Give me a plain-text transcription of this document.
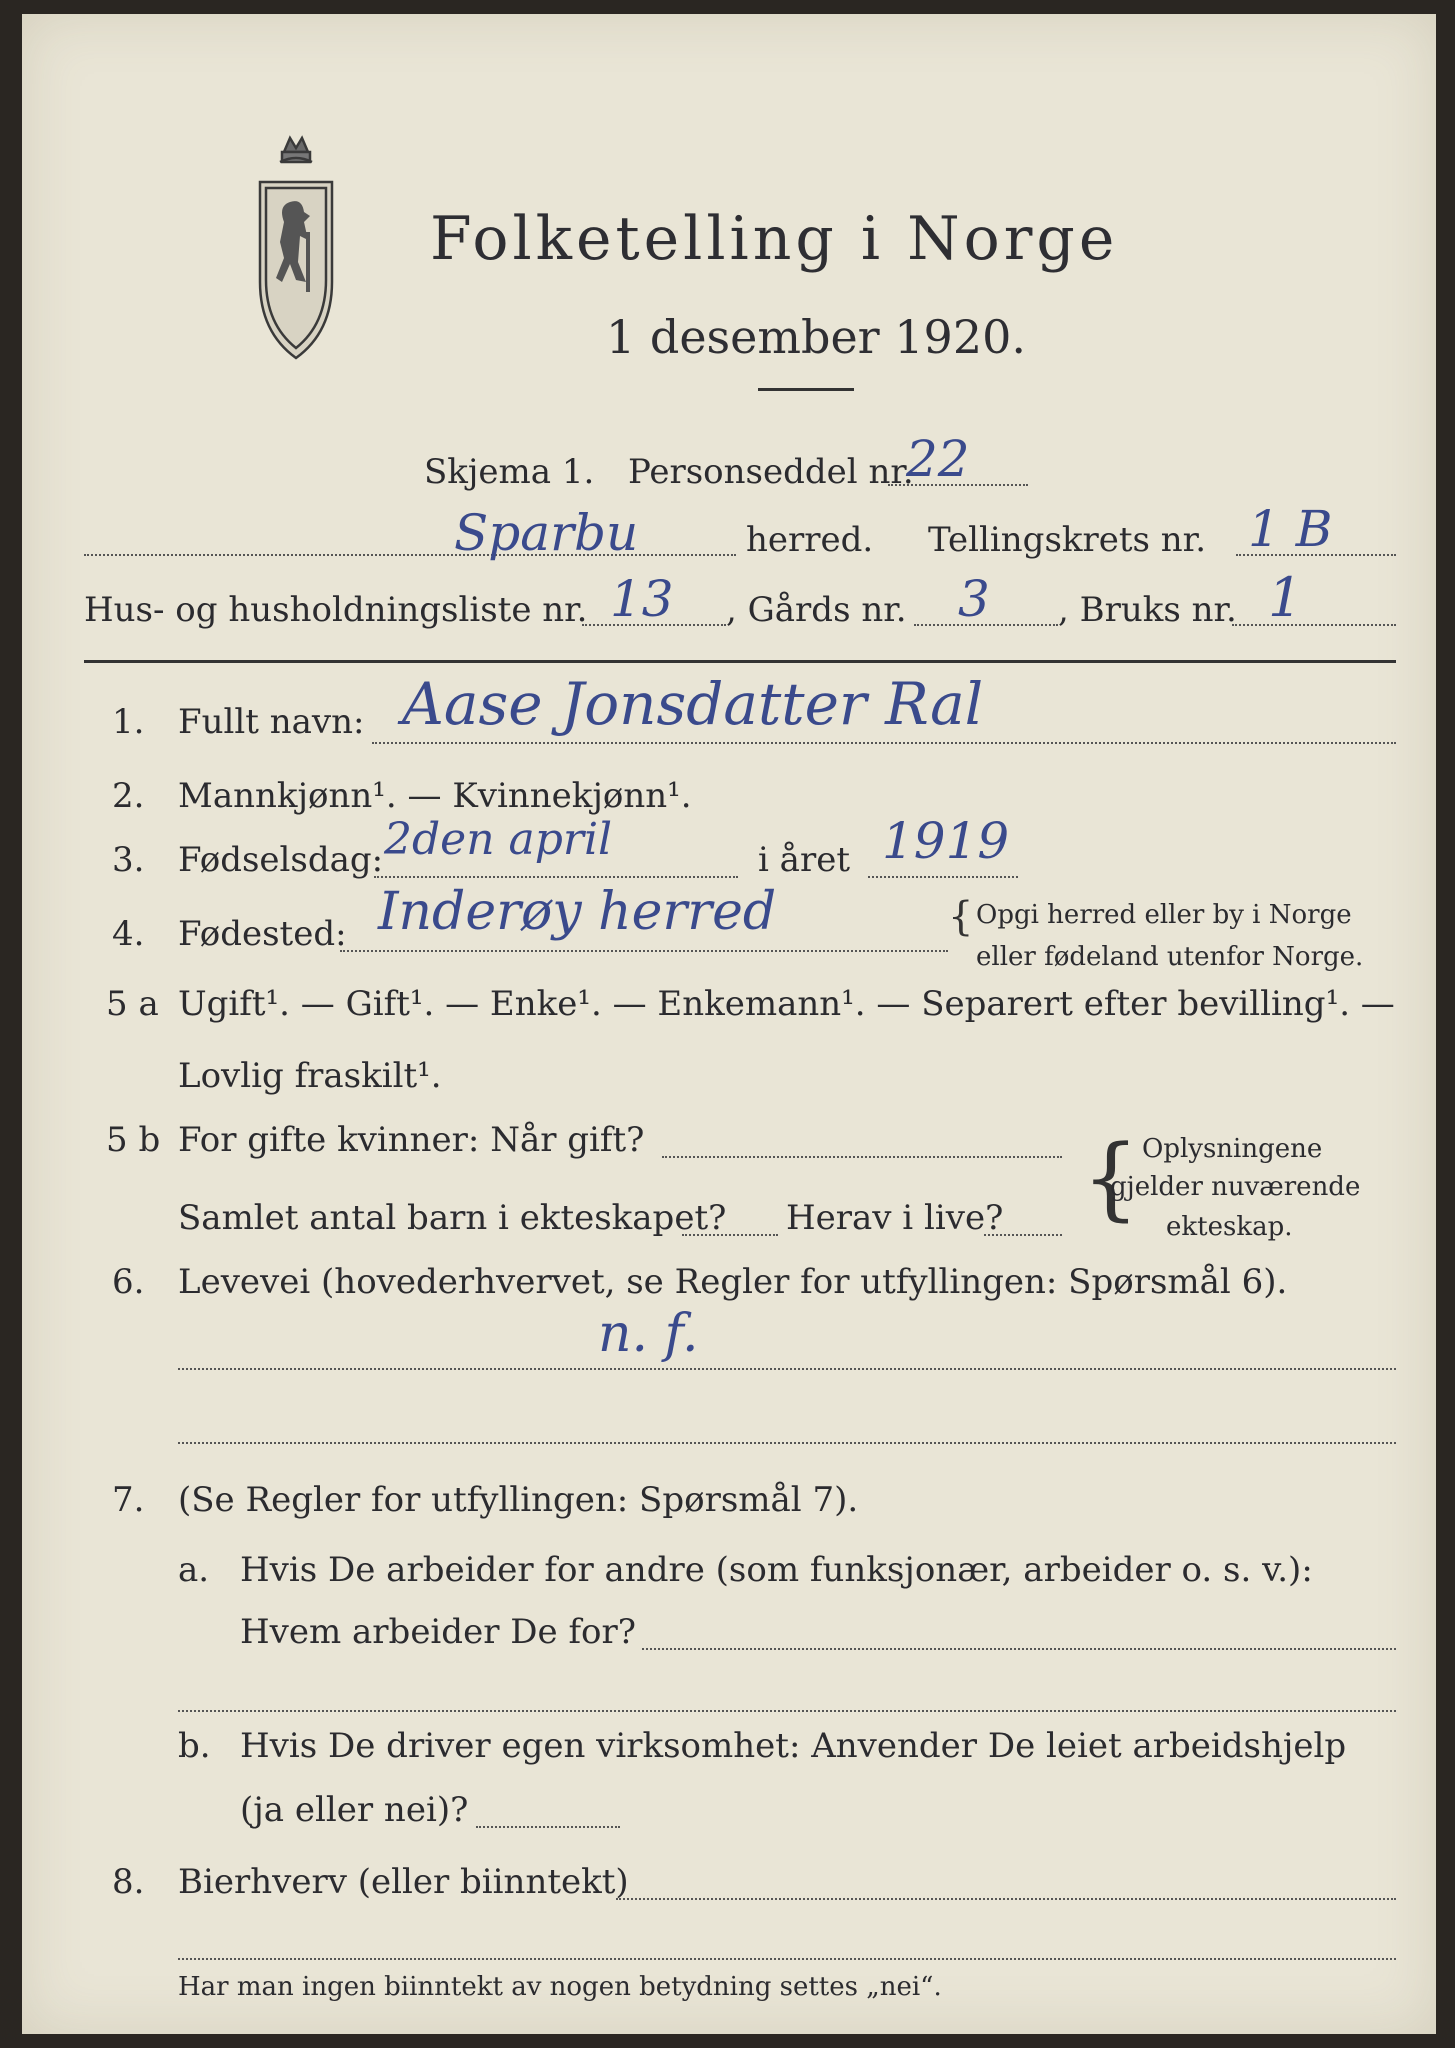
Folketelling i Norge
1 desember 1920.
Skjema 1. Personseddel nr.
22
Sparbu	herred. Tellingskrets nr. 1 B
Hus- og husholdningsliste nr. 13 , Gårds nr. 3 , Bruks nr. 1
1. Fullt navn: Aase Jonsdatter Ral
2. Mannkjønn¹. — Kvinnekjønn¹.
3. Fødselsdag: 2den april	i året 1919
4. Fødested: Inderøy herred	{ Opgi herred eller by i Norge
eller fødeland utenfor Norge.
5 a Ugift¹. — Gift¹. — Enke¹. — Enkemann¹. — Separert efter bevilling¹. —
Lovlig fraskilt¹.
5 b For gifte kvinner: Når gift?
Samlet antal barn i ekteskapet? Herav i live? { Oplysningene
gjelder nuværende
ekteskap.
6. Levevei (hovederhvervet, se Regler for utfyllingen: Spørsmål 6).
n. f.
7. (Se Regler for utfyllingen: Spørsmål 7).
a. Hvis De arbeider for andre (som funksjonær, arbeider o. s. v.):
Hvem arbeider De for?
b. Hvis De driver egen virksomhet: Anvender De leiet arbeidshjelp
(ja eller nei)?
8. Bierhverv (eller biinntekt)
Har man ingen biinntekt av nogen betydning settes „nei“.
